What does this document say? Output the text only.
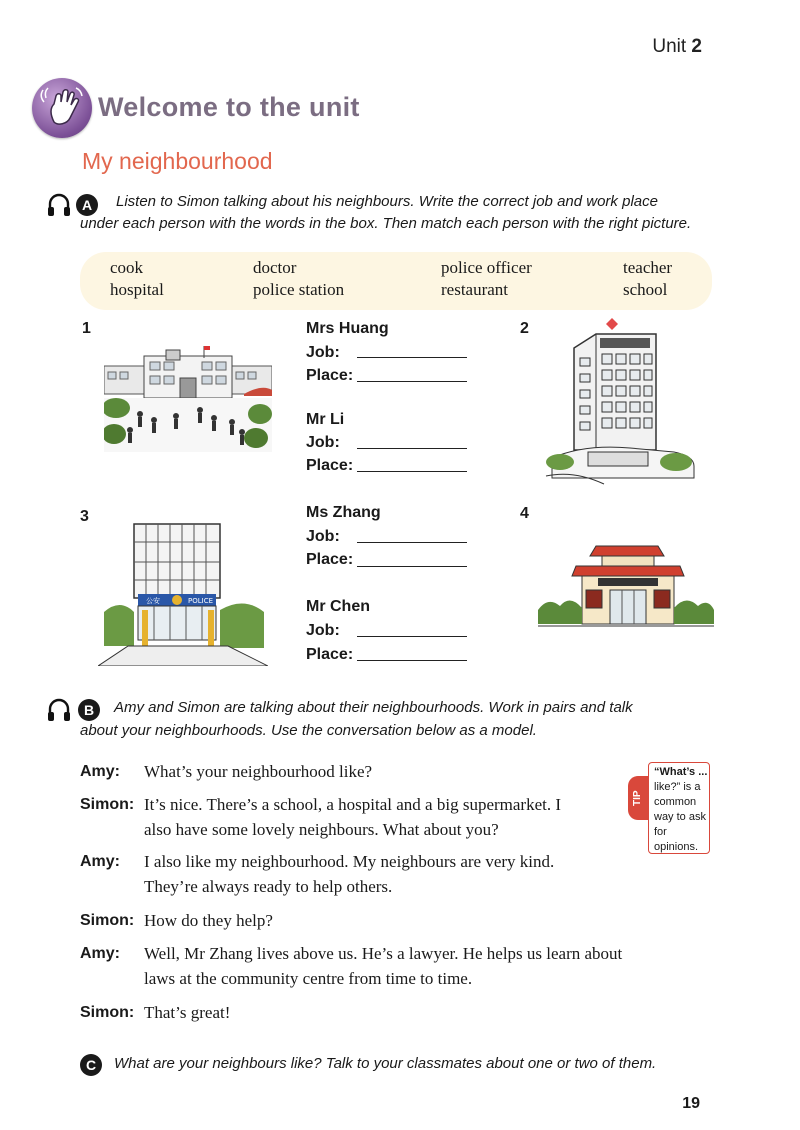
Unit 2
Welcome to the unit
My neighbourhood
A	Listen to Simon talking about his neighbours. Write the correct job and work place
under each person with the words in the box. Then match each person with the right picture.
cook	doctor	police officer	teacher
hospital	police station	restaurant	school
1	2
3	4
公安	POLICE
Mrs Huang
Job:
Place:
Mr Li
Job:
Place:
Ms Zhang
Job:
Place:
Mr Chen
Job:
Place:
B	Amy and Simon are talking about their neighbourhoods. Work in pairs and talk
about your neighbourhoods. Use the conversation below as a model.
Amy: What’s your neighbourhood like?
Simon: It’s nice. There’s a school, a hospital and a big supermarket. I
also have some lovely neighbours. What about you?
Amy: I also like my neighbourhood. My neighbours are very kind.
They’re always ready to help others.
Simon: How do they help?
Amy: Well, Mr Zhang lives above us. He’s a lawyer. He helps us learn about
laws at the community centre from time to time.
Simon: That’s great!
TIP
“What’s ...
like?” is a
common
way to ask
for opinions.
C	What are your neighbours like? Talk to your classmates about one or two of them.
19
